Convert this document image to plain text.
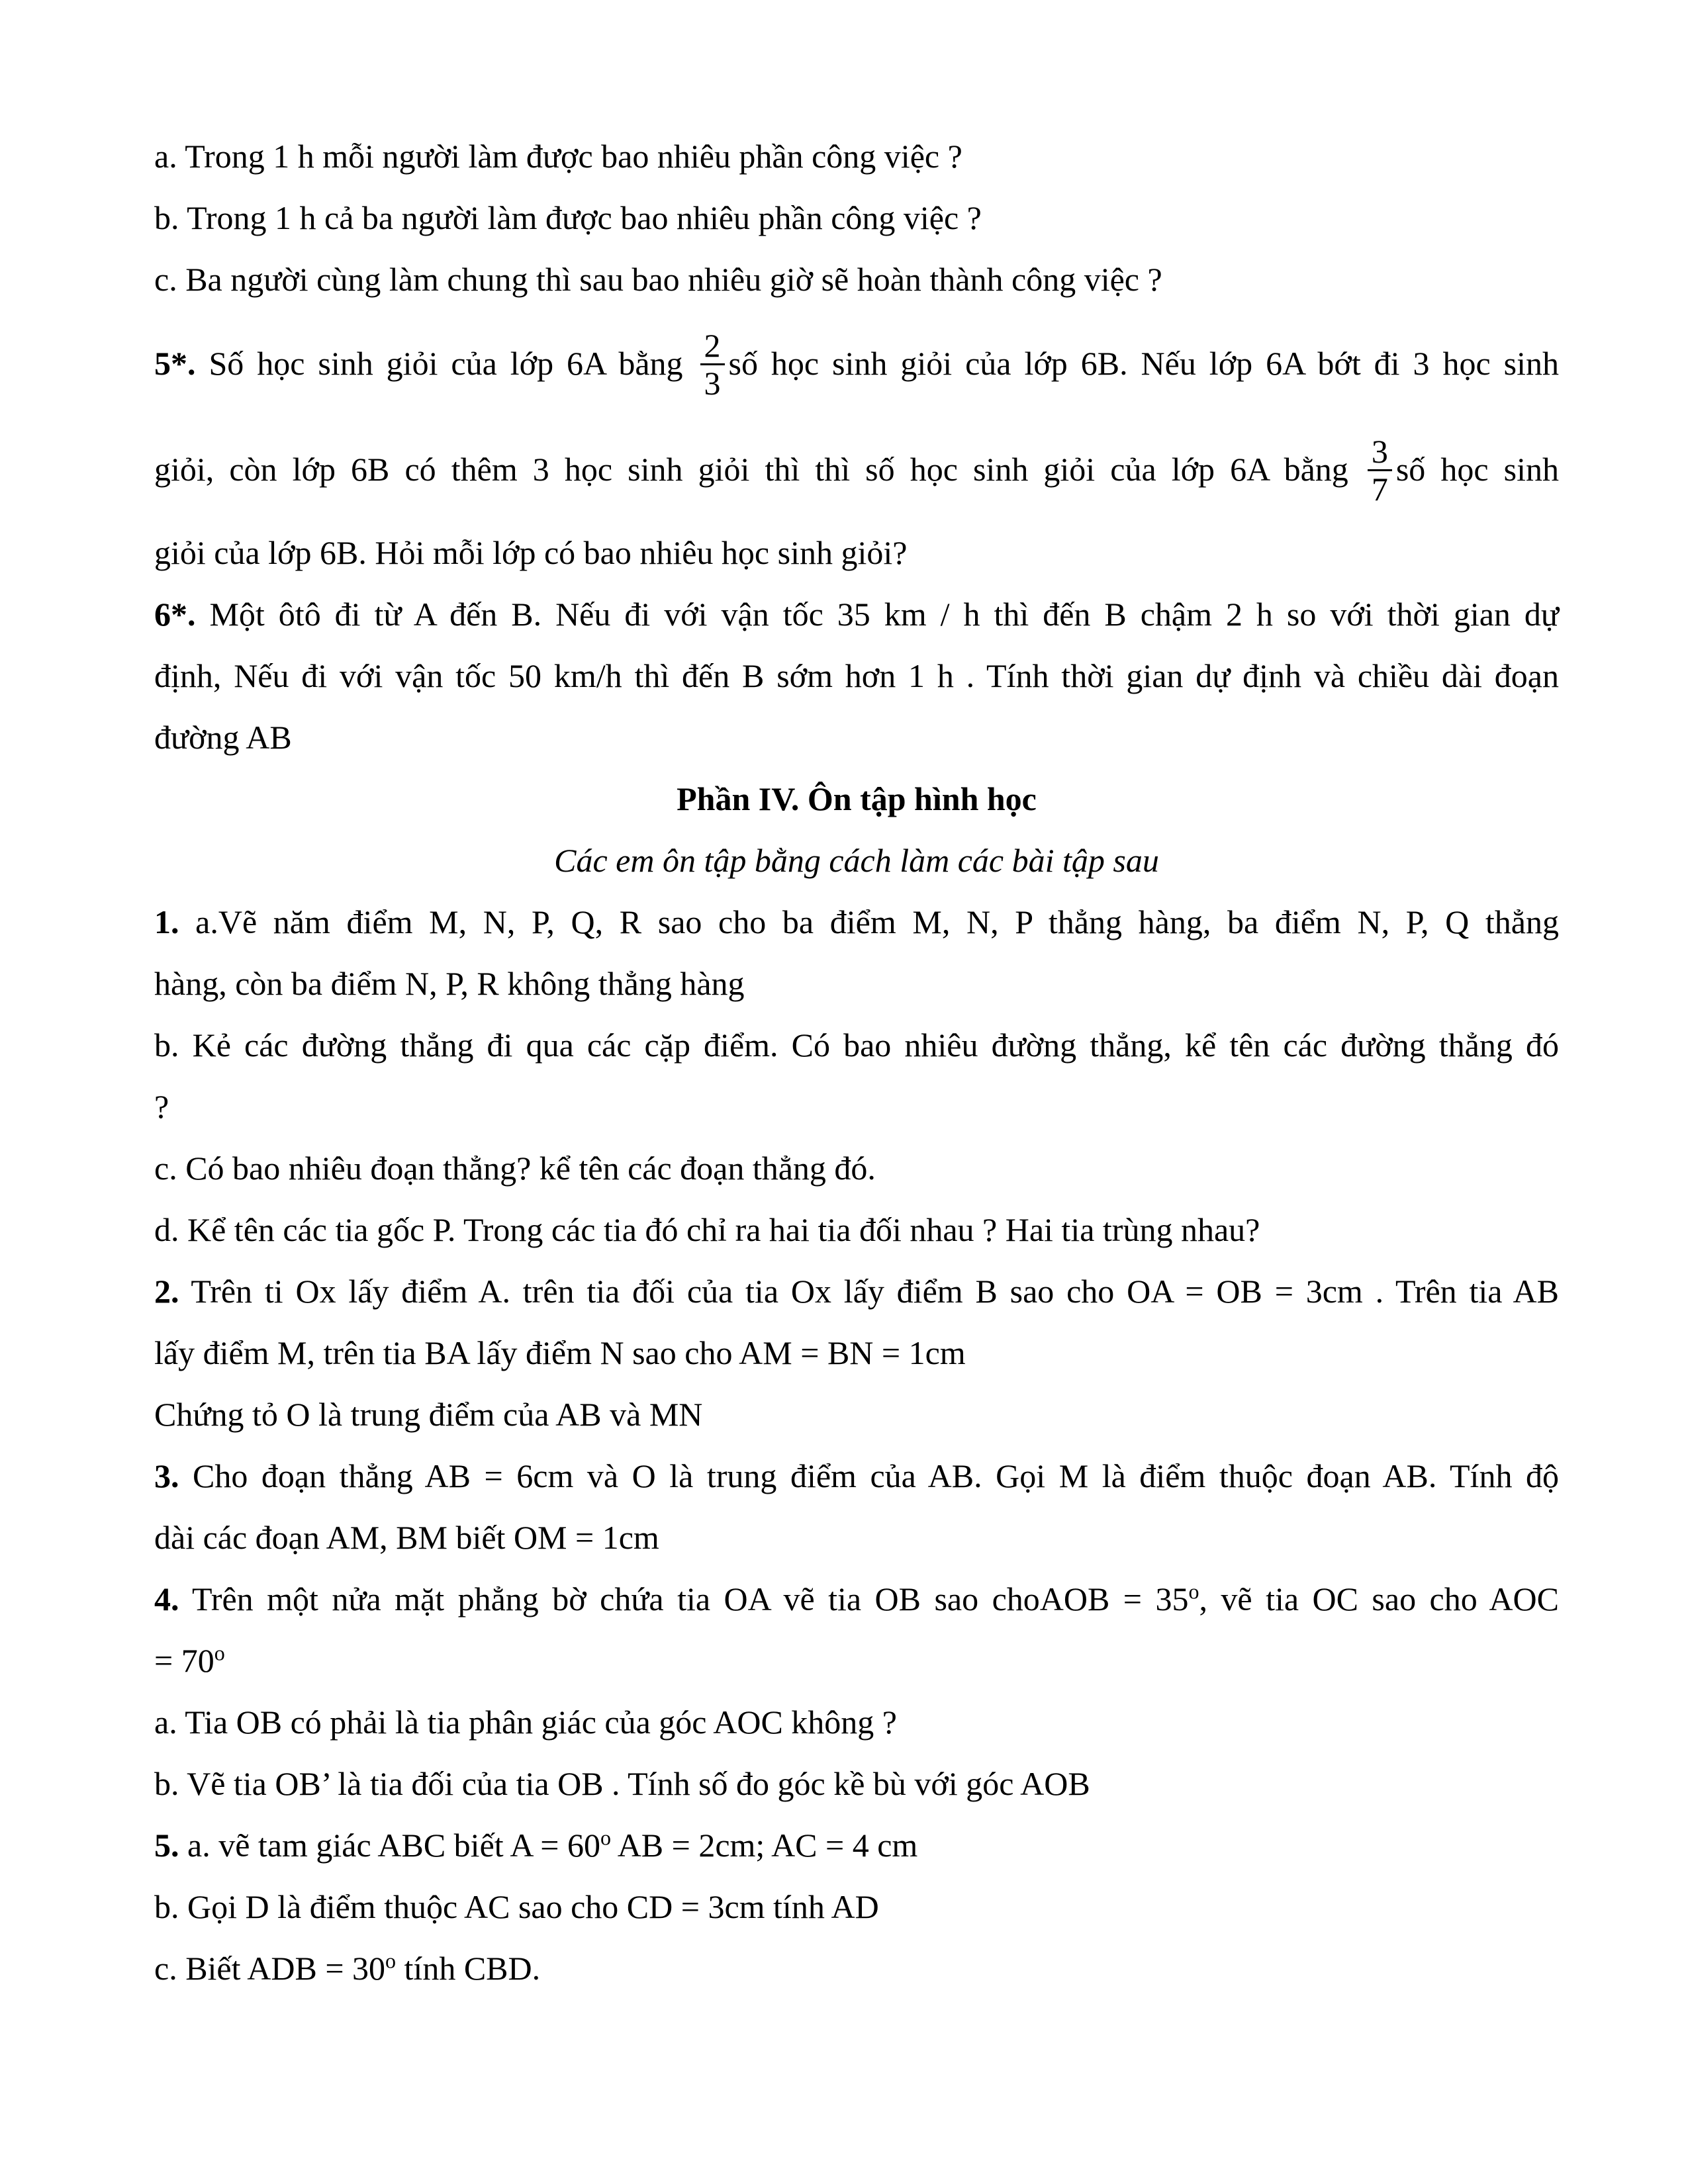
a. Trong 1 h mỗi người làm được bao nhiêu phần công việc ?

b. Trong 1 h cả ba người làm được bao nhiêu phần công việc ?

c. Ba người cùng làm chung thì sau bao nhiêu giờ sẽ hoàn thành công việc ?

5*. Số học sinh giỏi của lớp 6A bằng $\frac{2}{3}$ số học sinh giỏi của lớp 6B. Nếu lớp 6A bớt đi 3 học sinh

giỏi, còn lớp 6B có thêm 3 học sinh giỏi thì thì số học sinh giỏi của lớp 6A bằng $\frac{3}{7}$ số học sinh

giỏi của lớp 6B. Hỏi mỗi lớp có bao nhiêu học sinh giỏi?

6*. Một ôtô đi từ A đến B. Nếu đi với vận tốc 35 km / h thì đến B chậm 2 h so với thời gian dự

định, Nếu đi với vận tốc 50 km/h thì đến B sớm hơn 1 h . Tính thời gian dự định và chiều dài đoạn

đường AB

Phần IV. Ôn tập hình học

Các em ôn tập bằng cách làm các bài tập sau

1. a.Vẽ năm điểm M, N, P, Q, R sao cho ba điểm M, N, P thẳng hàng, ba điểm N, P, Q thẳng

hàng, còn ba điểm N, P, R không thẳng hàng

b. Kẻ các đường thẳng đi qua các cặp điểm. Có bao nhiêu đường thẳng, kể tên các đường thẳng đó

?

c. Có bao nhiêu đoạn thẳng? kể tên các đoạn thẳng đó.

d. Kể tên các tia gốc P. Trong các tia đó chỉ ra hai tia đối nhau ? Hai tia trùng nhau?

2. Trên ti Ox lấy điểm A. trên tia đối của tia Ox lấy điểm B sao cho OA = OB = 3cm . Trên tia AB

lấy điểm M, trên tia BA lấy điểm N sao cho AM = BN = 1cm

Chứng tỏ O là trung điểm của AB và MN

3. Cho đoạn thẳng AB = 6cm và O là trung điểm của AB. Gọi M là điểm thuộc đoạn AB. Tính độ

dài các đoạn AM, BM biết OM = 1cm

4. Trên một nửa mặt phẳng bờ chứa tia OA vẽ tia OB sao choAOB = $35^o$, vẽ tia OC sao cho AOC

= $70^o$

a. Tia OB có phải là tia phân giác của góc AOC không ?

b. Vẽ tia OB’ là tia đối của tia OB . Tính số đo góc kề bù với góc AOB

5. a. vẽ tam giác ABC biết $A = 60^o$ AB = 2cm; AC = 4 cm

b. Gọi D là điểm thuộc AC sao cho CD = 3cm tính AD

c. Biết ADB = $30^o$ tính CBD.
